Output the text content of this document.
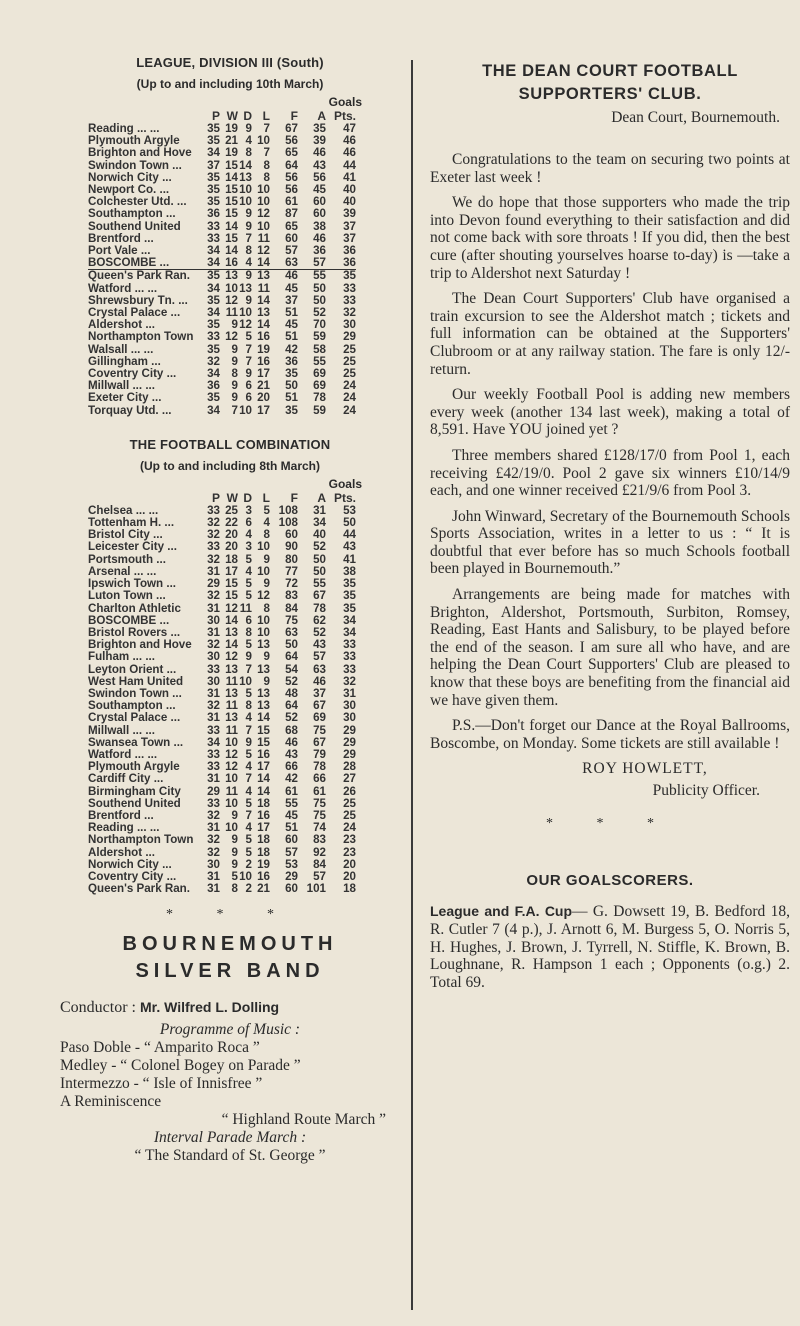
LEAGUE, DIVISION III (South)
(Up to and including 10th March)
Goals
	P	W	D	L	F	A	Pts.
Reading ... ...	35	19	9	7	67	35	47
Plymouth Argyle	35	21	4	10	56	39	46
Brighton and Hove	34	19	8	7	65	46	46
Swindon Town ...	37	15	14	8	64	43	44
Norwich City ...	35	14	13	8	56	56	41
Newport Co. ...	35	15	10	10	56	45	40
Colchester Utd. ...	35	15	10	10	61	60	40
Southampton ...	36	15	9	12	87	60	39
Southend United	33	14	9	10	65	38	37
Brentford ...	33	15	7	11	60	46	37
Port Vale ...	34	14	8	12	57	36	36
BOSCOMBE ...	34	16	4	14	63	57	36
Queen's Park Ran.	35	13	9	13	46	55	35
Watford ... ...	34	10	13	11	45	50	33
Shrewsbury Tn. ...	35	12	9	14	37	50	33
Crystal Palace ...	34	11	10	13	51	52	32
Aldershot ...	35	9	12	14	45	70	30
Northampton Town	33	12	5	16	51	59	29
Walsall ... ...	35	9	7	19	42	58	25
Gillingham ...	32	9	7	16	36	55	25
Coventry City ...	34	8	9	17	35	69	25
Millwall ... ...	36	9	6	21	50	69	24
Exeter City ...	35	9	6	20	51	78	24
Torquay Utd. ...	34	7	10	17	35	59	24
THE FOOTBALL COMBINATION
(Up to and including 8th March)
Goals
	P	W	D	L	F	A	Pts.
Chelsea ... ...	33	25	3	5	108	31	53
Tottenham H. ...	32	22	6	4	108	34	50
Bristol City ...	32	20	4	8	60	40	44
Leicester City ...	33	20	3	10	90	52	43
Portsmouth ...	32	18	5	9	80	50	41
Arsenal ... ...	31	17	4	10	77	50	38
Ipswich Town ...	29	15	5	9	72	55	35
Luton Town ...	32	15	5	12	83	67	35
Charlton Athletic	31	12	11	8	84	78	35
BOSCOMBE ...	30	14	6	10	75	62	34
Bristol Rovers ...	31	13	8	10	63	52	34
Brighton and Hove	32	14	5	13	50	43	33
Fulham ... ...	30	12	9	9	64	57	33
Leyton Orient ...	33	13	7	13	54	63	33
West Ham United	30	11	10	9	52	46	32
Swindon Town ...	31	13	5	13	48	37	31
Southampton ...	32	11	8	13	64	67	30
Crystal Palace ...	31	13	4	14	52	69	30
Millwall ... ...	33	11	7	15	68	75	29
Swansea Town ...	34	10	9	15	46	67	29
Watford ... ...	33	12	5	16	43	79	29
Plymouth Argyle	33	12	4	17	66	78	28
Cardiff City ...	31	10	7	14	42	66	27
Birmingham City	29	11	4	14	61	61	26
Southend United	33	10	5	18	55	75	25
Brentford ...	32	9	7	16	45	75	25
Reading ... ...	31	10	4	17	51	74	24
Northampton Town	32	9	5	18	60	83	23
Aldershot ...	32	9	5	18	57	92	23
Norwich City ...	30	9	2	19	53	84	20
Coventry City ...	31	5	10	16	29	57	20
Queen's Park Ran.	31	8	2	21	60	101	18
* * *
BOURNEMOUTH
SILVER BAND
Conductor : Mr. Wilfred L. Dolling
Programme of Music :
Paso Doble - “ Amparito Roca ”
Medley - “ Colonel Bogey on Parade ”
Intermezzo - “ Isle of Innisfree ”
A Reminiscence
“ Highland Route March ”
Interval Parade March :
“ The Standard of St. George ”
THE DEAN COURT FOOTBALL
SUPPORTERS' CLUB.
Dean Court, Bournemouth.

Congratulations to the team on securing two points at Exeter last week !

We do hope that those supporters who made the trip into Devon found everything to their satisfaction and did not come back with sore throats ! If you did, then the best cure (after shouting yourselves hoarse to-day) is —take a trip to Aldershot next Saturday !

The Dean Court Supporters' Club have organised a train excursion to see the Aldershot match ; tickets and full information can be obtained at the Supporters' Clubroom or at any railway station. The fare is only 12/- return.

Our weekly Football Pool is adding new members every week (another 134 last week), making a total of 8,591. Have YOU joined yet ?

Three members shared £128/17/0 from Pool 1, each receiving £42/19/0. Pool 2 gave six winners £10/14/9 each, and one winner received £21/9/6 from Pool 3.

John Winward, Secretary of the Bournemouth Schools Sports Association, writes in a letter to us : “ It is doubtful that ever before has so much Schools football been played in Bournemouth.”

Arrangements are being made for matches with Brighton, Aldershot, Portsmouth, Surbiton, Romsey, Reading, East Hants and Salisbury, to be played before the end of the season. I am sure all who have, and are helping the Dean Court Supporters' Club are pleased to know that these boys are benefiting from the financial aid we have given them.

P.S.—Don't forget our Dance at the Royal Ballrooms, Boscombe, on Monday. Some tickets are still available !

ROY HOWLETT,
Publicity Officer.
* * *
OUR GOALSCORERS.
League and F.A. Cup— G. Dowsett 19, B. Bedford 18, R. Cutler 7 (4 p.), J. Arnott 6, M. Burgess 5, O. Norris 5, H. Hughes, J. Brown, J. Tyrrell, N. Stiffle, K. Brown, B. Loughnane, R. Hampson 1 each ; Opponents (o.g.) 2. Total 69.
